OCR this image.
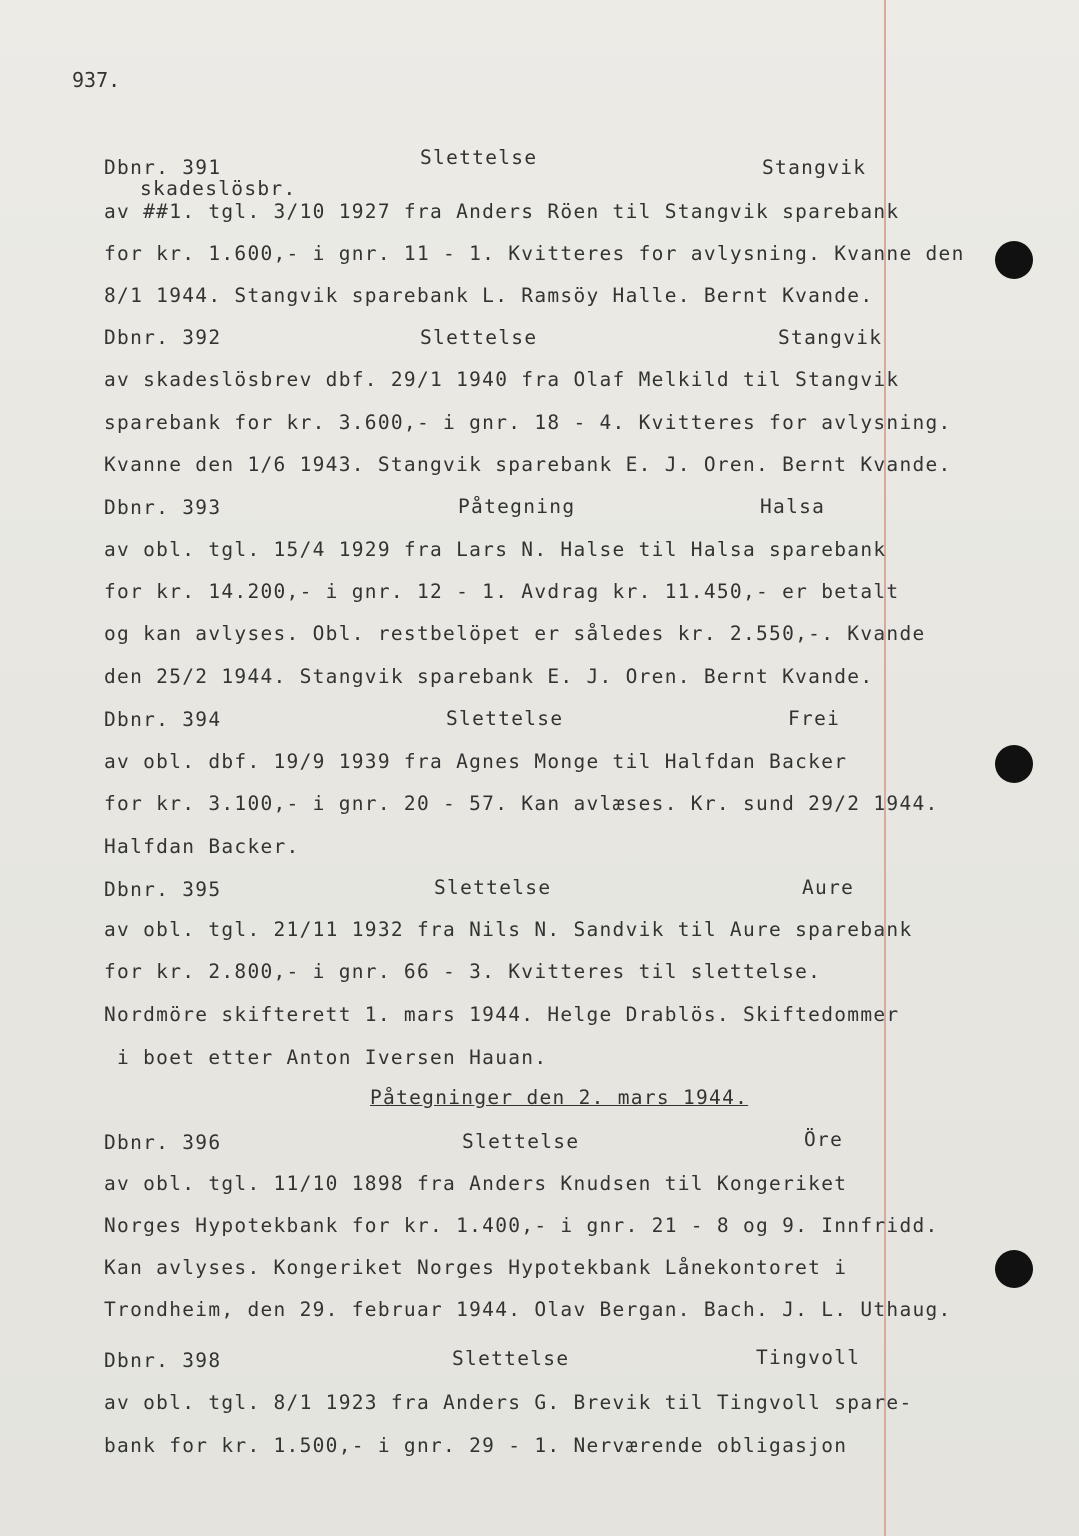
937.
Dbnr. 391	Slettelse	Stangvik
skadeslösbr.
av ##1. tgl. 3/10 1927 fra Anders Röen til Stangvik sparebank
for kr. 1.600,- i gnr. 11 - 1. Kvitteres for avlysning. Kvanne den
8/1 1944. Stangvik sparebank L. Ramsöy Halle. Bernt Kvande.
Dbnr. 392	Slettelse	Stangvik
av skadeslösbrev dbf. 29/1 1940 fra Olaf Melkild til Stangvik
sparebank for kr. 3.600,- i gnr. 18 - 4. Kvitteres for avlysning.
Kvanne den 1/6 1943. Stangvik sparebank E. J. Oren. Bernt Kvande.
Dbnr. 393	Påtegning	Halsa
av obl. tgl. 15/4 1929 fra Lars N. Halse til Halsa sparebank
for kr. 14.200,- i gnr. 12 - 1. Avdrag kr. 11.450,- er betalt
og kan avlyses. Obl. restbelöpet er således kr. 2.550,-. Kvande
den 25/2 1944. Stangvik sparebank E. J. Oren. Bernt Kvande.
Dbnr. 394	Slettelse	Frei
av obl. dbf. 19/9 1939 fra Agnes Monge til Halfdan Backer
for kr. 3.100,- i gnr. 20 - 57. Kan avlæses. Kr. sund 29/2 1944.
Halfdan Backer.
Dbnr. 395	Slettelse	Aure
av obl. tgl. 21/11 1932 fra Nils N. Sandvik til Aure sparebank
for kr. 2.800,- i gnr. 66 - 3. Kvitteres til slettelse.
Nordmöre skifterett 1. mars 1944. Helge Drablös. Skiftedommer
i boet etter Anton Iversen Hauan.
Påtegninger den 2. mars 1944.
Dbnr. 396	Slettelse	Öre
av obl. tgl. 11/10 1898 fra Anders Knudsen til Kongeriket
Norges Hypotekbank for kr. 1.400,- i gnr. 21 - 8 og 9. Innfridd.
Kan avlyses. Kongeriket Norges Hypotekbank Lånekontoret i
Trondheim, den 29. februar 1944. Olav Bergan. Bach. J. L. Uthaug.
Dbnr. 398	Slettelse	Tingvoll
av obl. tgl. 8/1 1923 fra Anders G. Brevik til Tingvoll spare-
bank for kr. 1.500,- i gnr. 29 - 1. Nerværende obligasjon
